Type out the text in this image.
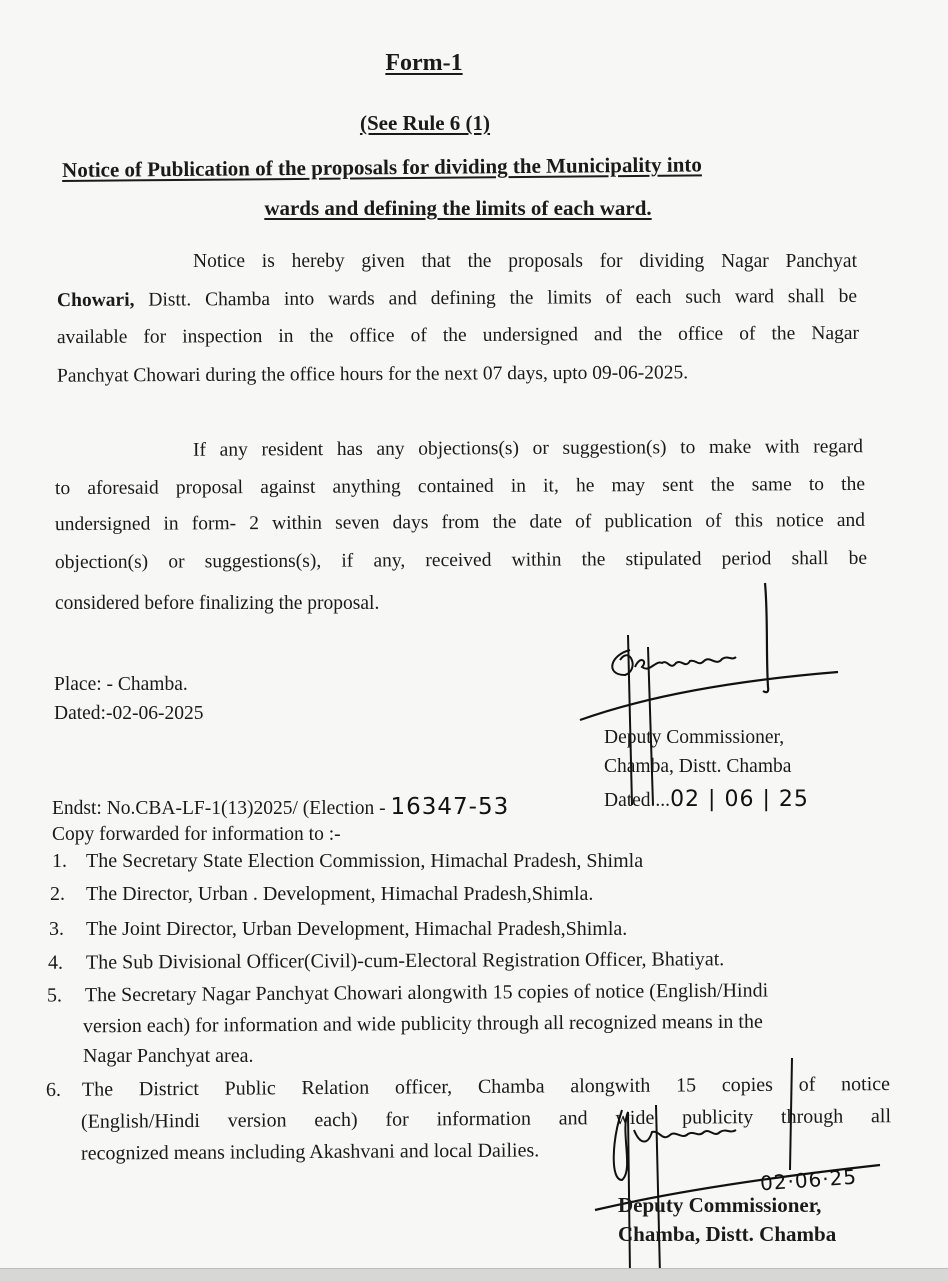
Form-1
(See Rule 6 (1)
Notice of Publication of the proposals for dividing the Municipality into
wards and defining the limits of each ward.
Notice is hereby given that the proposals for dividing Nagar Panchyat
Chowari, Distt. Chamba into wards and defining the limits of each such ward shall be
available for inspection in the office of the undersigned and the office of the Nagar
Panchyat Chowari during the office hours for the next 07 days, upto 09-06-2025.
If any resident has any objections(s) or suggestion(s) to make with regard
to aforesaid proposal against anything contained in it, he may sent the same to the
undersigned in form- 2 within seven days from the date of publication of this notice and
objection(s) or suggestions(s), if any, received within the stipulated period shall be
considered before finalizing the proposal.
Place: - Chamba.
Dated:-02-06-2025
Deputy Commissioner,
Chamba, Distt. Chamba
Dated....02 | 06 | 25
Endst: No.CBA-LF-1(13)2025/ (Election - 16347-53
Copy forwarded for information to :-
1. The Secretary State Election Commission, Himachal Pradesh, Shimla
2. The Director, Urban . Development, Himachal Pradesh,Shimla.
3. The Joint Director, Urban Development, Himachal Pradesh,Shimla.
4. The Sub Divisional Officer(Civil)-cum-Electoral Registration Officer, Bhatiyat.
5. The Secretary Nagar Panchyat Chowari alongwith 15 copies of notice (English/Hindi
version each) for information and wide publicity through all recognized means in the
Nagar Panchyat area.
6. The District Public Relation officer, Chamba alongwith 15 copies of notice
(English/Hindi version each) for information and wide publicity through all
recognized means including Akashvani and local Dailies.
02·06·25
Deputy Commissioner,
Chamba, Distt. Chamba
